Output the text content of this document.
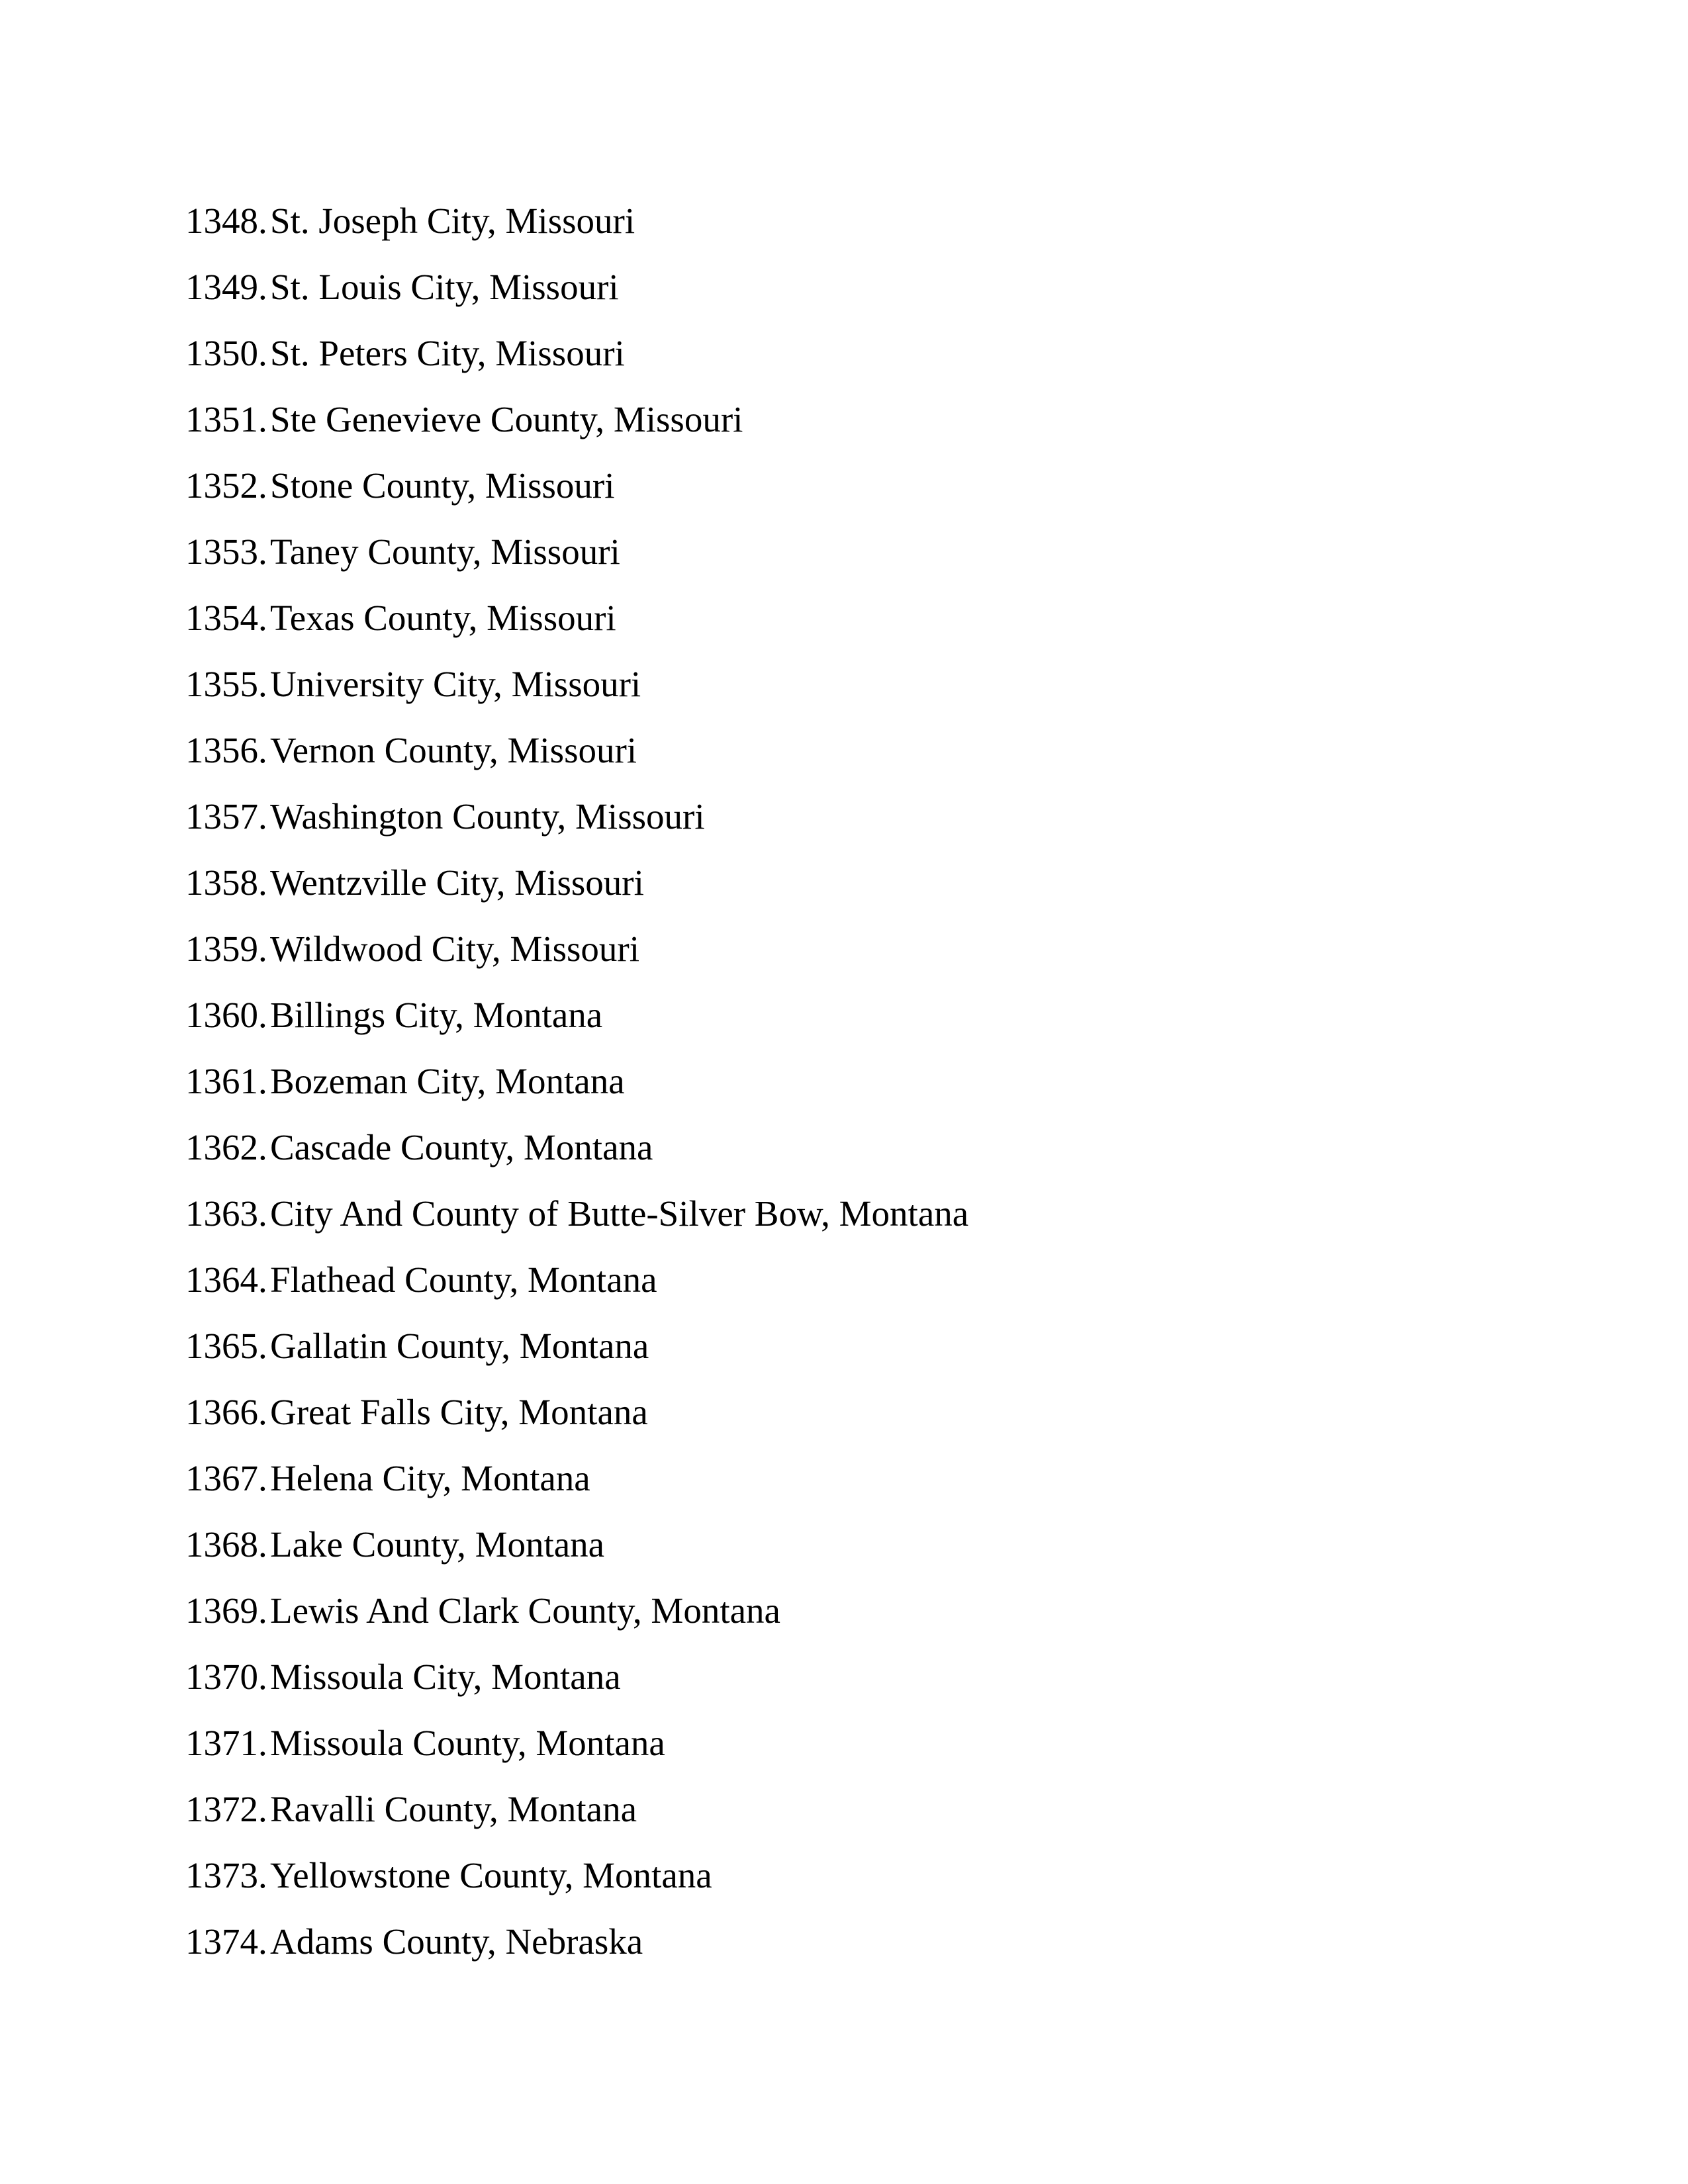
1348.St. Joseph City, Missouri
1349.St. Louis City, Missouri
1350.St. Peters City, Missouri
1351.Ste Genevieve County, Missouri
1352.Stone County, Missouri
1353.Taney County, Missouri
1354.Texas County, Missouri
1355.University City, Missouri
1356.Vernon County, Missouri
1357.Washington County, Missouri
1358.Wentzville City, Missouri
1359.Wildwood City, Missouri
1360.Billings City, Montana
1361.Bozeman City, Montana
1362.Cascade County, Montana
1363.City And County of Butte-Silver Bow, Montana
1364.Flathead County, Montana
1365.Gallatin County, Montana
1366.Great Falls City, Montana
1367.Helena City, Montana
1368.Lake County, Montana
1369.Lewis And Clark County, Montana
1370.Missoula City, Montana
1371.Missoula County, Montana
1372.Ravalli County, Montana
1373.Yellowstone County, Montana
1374.Adams County, Nebraska
